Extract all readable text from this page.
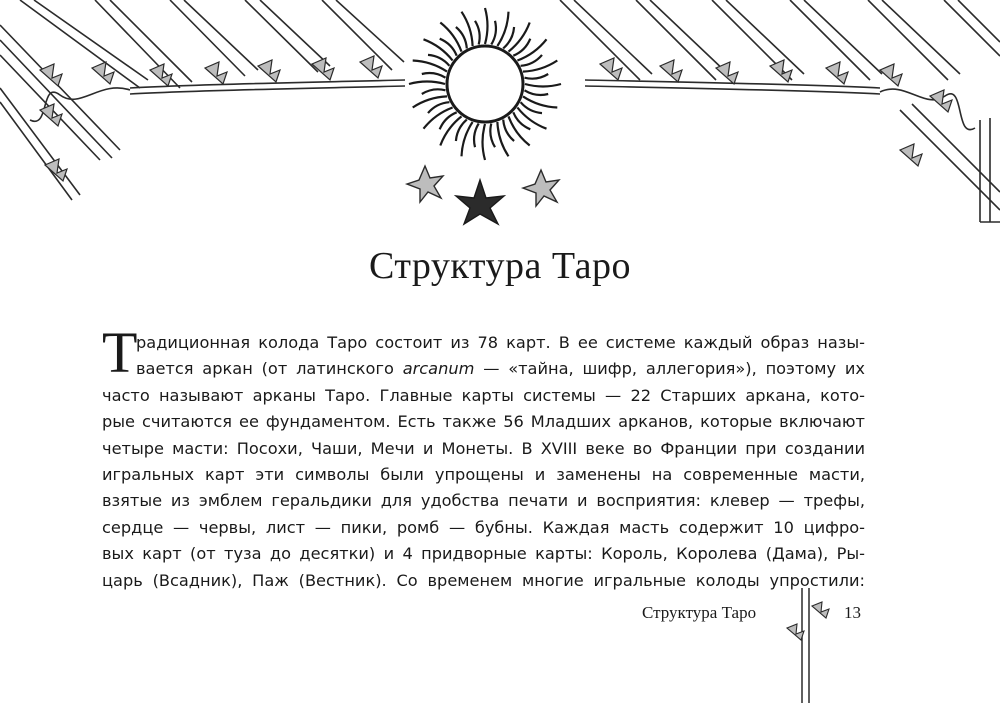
Структура Таро
Т
радиционная колода Таро состоит из 78 карт. В ее системе каждый образ назы-
вается аркан (от латинского arcanum — «тайна, шифр, аллегория»), поэтому их
часто называют арканы Таро. Главные карты системы — 22 Старших аркана, кото-
рые считаются ее фундаментом. Есть также 56 Младших арканов, которые включают
четыре масти: Посохи, Чаши, Мечи и Монеты. В XVIII веке во Франции при создании
игральных карт эти символы были упрощены и заменены на современные масти,
взятые из эмблем геральдики для удобства печати и восприятия: клевер — трефы,
сердце — червы, лист — пики, ромб — бубны. Каждая масть содержит 10 цифро-
вых карт (от туза до десятки) и 4 придворные карты: Король, Королева (Дама), Ры-
царь (Всадник), Паж (Вестник). Со временем многие игральные колоды упростили:
Структура Таро	13
